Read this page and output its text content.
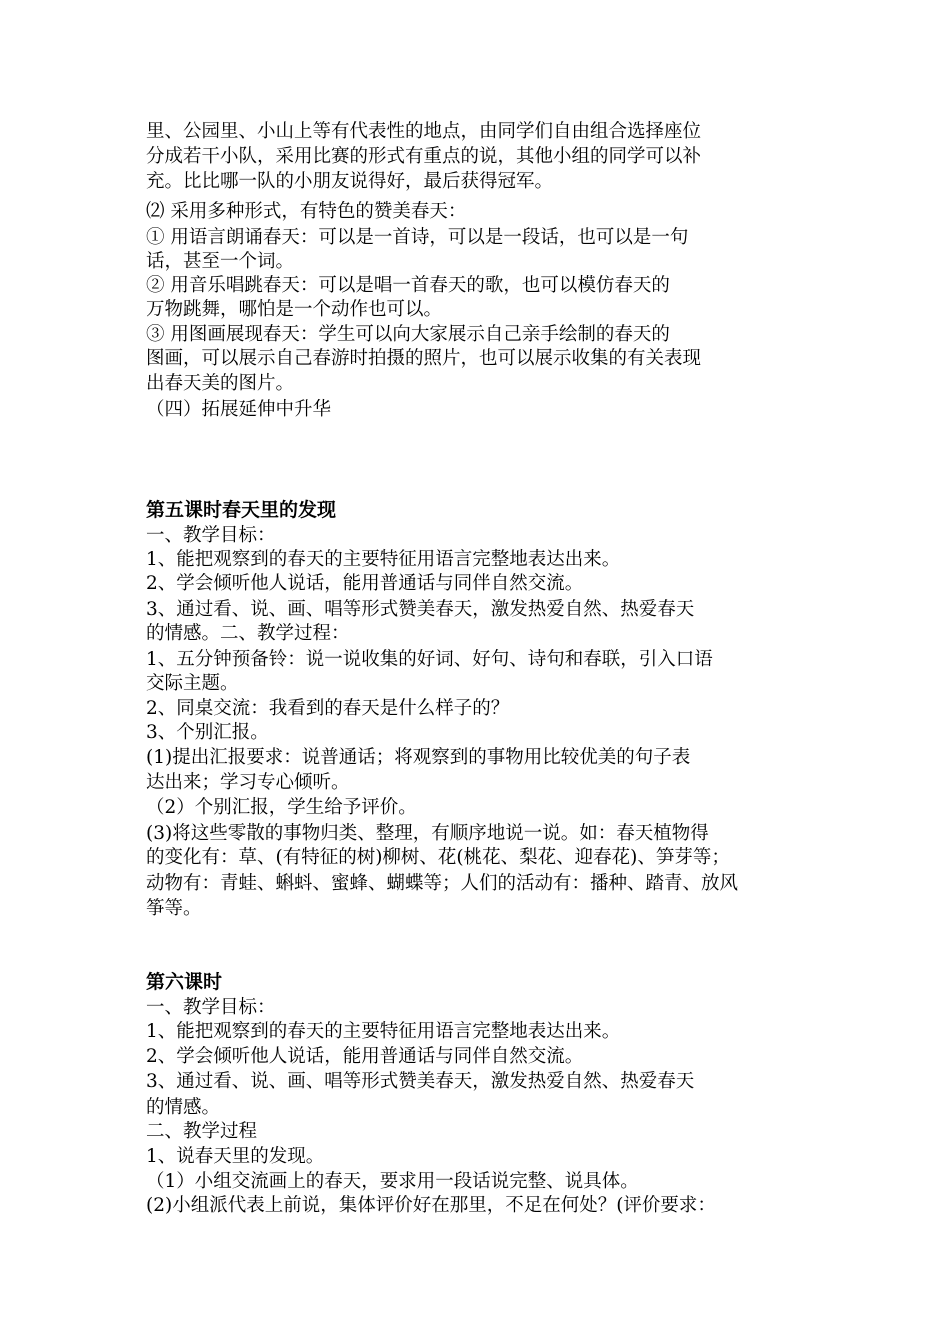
里、公园里、小山上等有代表性的地点，由同学们自由组合选择座位
分成若干小队，采用比赛的形式有重点的说，其他小组的同学可以补
充。比比哪一队的小朋友说得好，最后获得冠军。
⑵ 采用多种形式，有特色的赞美春天：
① 用语言朗诵春天：可以是一首诗，可以是一段话，也可以是一句
话，甚至一个词。
② 用音乐唱跳春天：可以是唱一首春天的歌，也可以模仿春天的
万物跳舞，哪怕是一个动作也可以。
③ 用图画展现春天：学生可以向大家展示自己亲手绘制的春天的
图画，可以展示自己春游时拍摄的照片，也可以展示收集的有关表现
出春天美的图片。
（四）拓展延伸中升华
第五课时春天里的发现
一、教学目标：
1、能把观察到的春天的主要特征用语言完整地表达出来。
2、学会倾听他人说话，能用普通话与同伴自然交流。
3、通过看、说、画、唱等形式赞美春天，激发热爱自然、热爱春天
的情感。二、教学过程：
1、五分钟预备铃：说一说收集的好词、好句、诗句和春联，引入口语
交际主题。
2、同桌交流：我看到的春天是什么样子的？
3、个别汇报。
(1)提出汇报要求：说普通话；将观察到的事物用比较优美的句子表
达出来；学习专心倾听。
（2）个别汇报，学生给予评价。
(3)将这些零散的事物归类、整理，有顺序地说一说。如：春天植物得
的变化有：草、(有特征的树)柳树、花(桃花、梨花、迎春花)、笋芽等；
动物有：青蛙、蝌蚪、蜜蜂、蝴蝶等；人们的活动有：播种、踏青、放风
筝等。
第六课时
一、教学目标：
1、能把观察到的春天的主要特征用语言完整地表达出来。
2、学会倾听他人说话，能用普通话与同伴自然交流。
3、通过看、说、画、唱等形式赞美春天，激发热爱自然、热爱春天
的情感。
二、教学过程
1、说春天里的发现。
（1）小组交流画上的春天，要求用一段话说完整、说具体。
(2)小组派代表上前说，集体评价好在那里，不足在何处？(评价要求：
